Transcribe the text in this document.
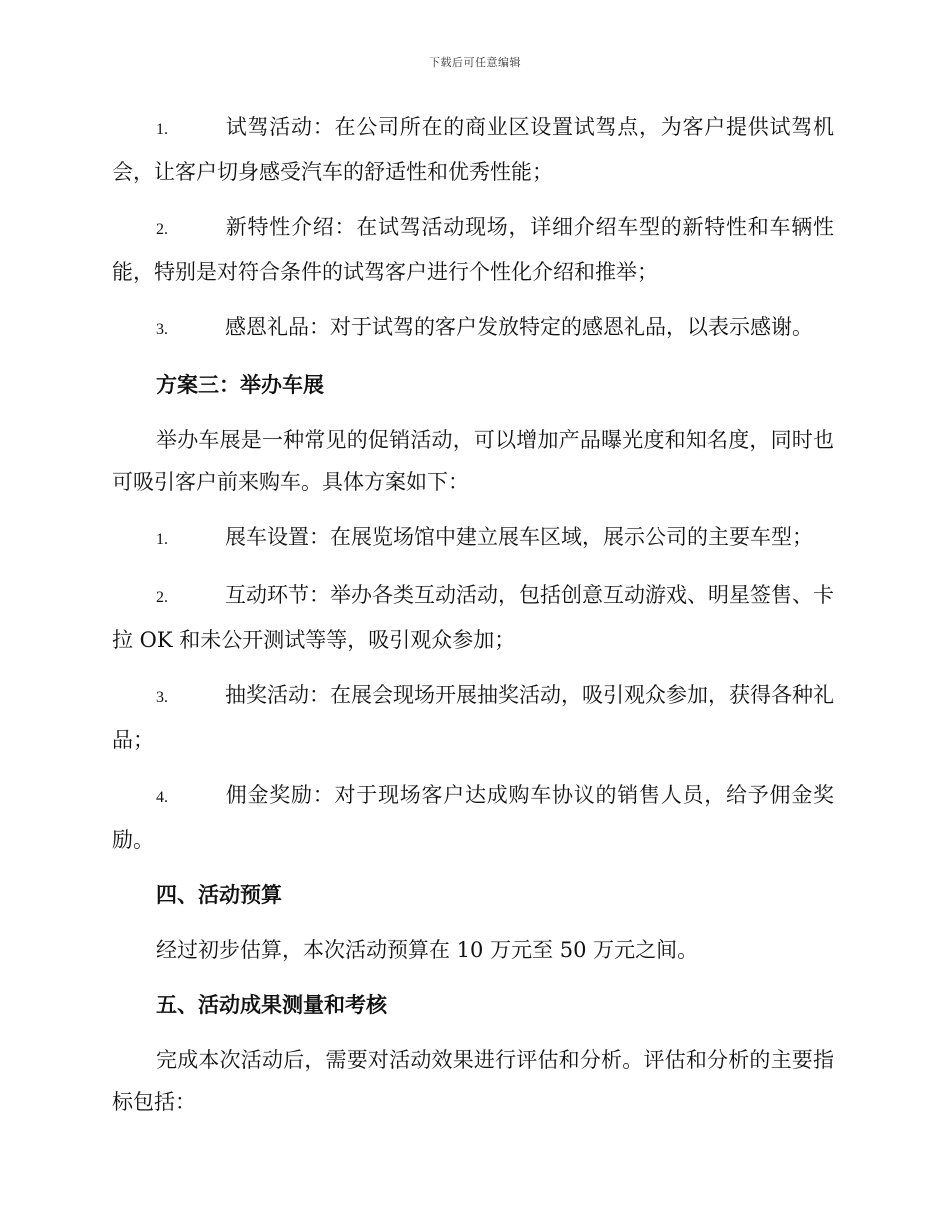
下载后可任意编辑

1.	试驾活动：在公司所在的商业区设置试驾点，为客户提供试驾机会，让客户切身感受汽车的舒适性和优秀性能；

2.	新特性介绍：在试驾活动现场，详细介绍车型的新特性和车辆性能，特别是对符合条件的试驾客户进行个性化介绍和推举；

3.	感恩礼品：对于试驾的客户发放特定的感恩礼品，以表示感谢。

方案三：举办车展

举办车展是一种常见的促销活动，可以增加产品曝光度和知名度，同时也可吸引客户前来购车。具体方案如下：

1.	展车设置：在展览场馆中建立展车区域，展示公司的主要车型；

2.	互动环节：举办各类互动活动，包括创意互动游戏、明星签售、卡拉 OK 和未公开测试等等，吸引观众参加；

3.	抽奖活动：在展会现场开展抽奖活动，吸引观众参加，获得各种礼品；

4.	佣金奖励：对于现场客户达成购车协议的销售人员，给予佣金奖励。

四、活动预算

经过初步估算，本次活动预算在 10 万元至 50 万元之间。

五、活动成果测量和考核

完成本次活动后，需要对活动效果进行评估和分析。评估和分析的主要指标包括：
